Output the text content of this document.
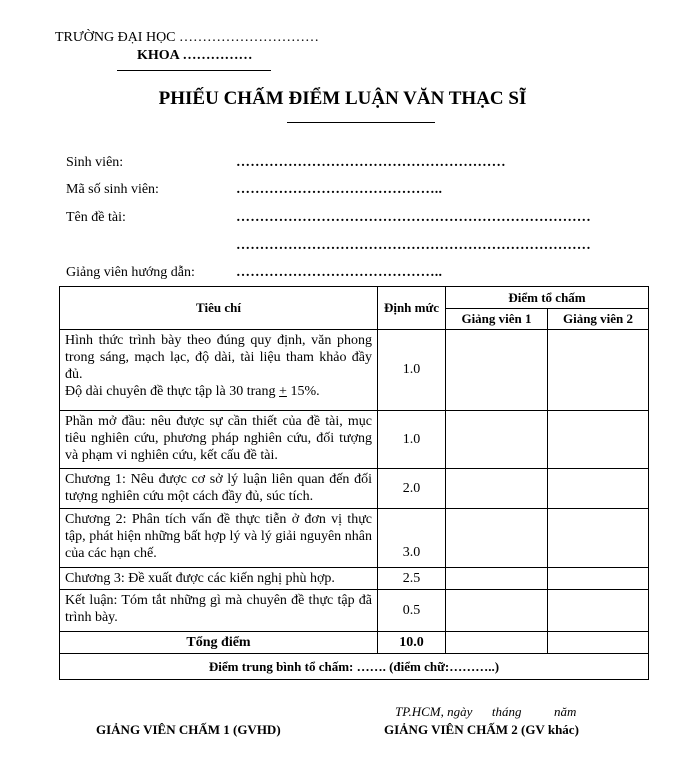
TRƯỜNG ĐẠI HỌC …………………………
KHOA ……………
PHIẾU CHẤM ĐIỂM LUẬN VĂN THẠC SĨ
Sinh viên:	…………………………………………………
Mã số sinh viên:	……………………………………..
Tên đề tài:	…………………………………………………………………
…………………………………………………………………
Giảng viên hướng dẫn:	……………………………………..
Tiêu chí	Định mức	Điểm tổ chấm	
		Giảng viên 1	Giảng viên 2
Hình thức trình bày theo đúng quy định, văn phong trong sáng, mạch lạc, độ dài, tài liệu tham khảo đầy đủ.
Độ dài chuyên đề thực tập là 30 trang + 15%.	1.0		
Phần mở đầu: nêu được sự cần thiết của đề tài, mục tiêu nghiên cứu, phương pháp nghiên cứu, đối tượng và phạm vi nghiên cứu, kết cấu đề tài.	1.0		
Chương 1: Nêu được cơ sở lý luận liên quan đến đối tượng nghiên cứu một cách đầy đủ, súc tích.	2.0		
Chương 2: Phân tích vấn đề thực tiễn ở đơn vị thực tập, phát hiện những bất hợp lý và lý giải nguyên nhân của các hạn chế.	3.0		
Chương 3: Đề xuất được các kiến nghị phù hợp.	2.5		
Kết luận: Tóm tắt những gì mà chuyên đề thực tập đã trình bày.	0.5		
Tổng điểm	10.0		
Điểm trung bình tổ chấm: ……. (điểm chữ:………..)			
TP.HCM, ngày      tháng          năm
GIẢNG VIÊN CHẤM 1 (GVHD)	GIẢNG VIÊN CHẤM 2 (GV khác)
